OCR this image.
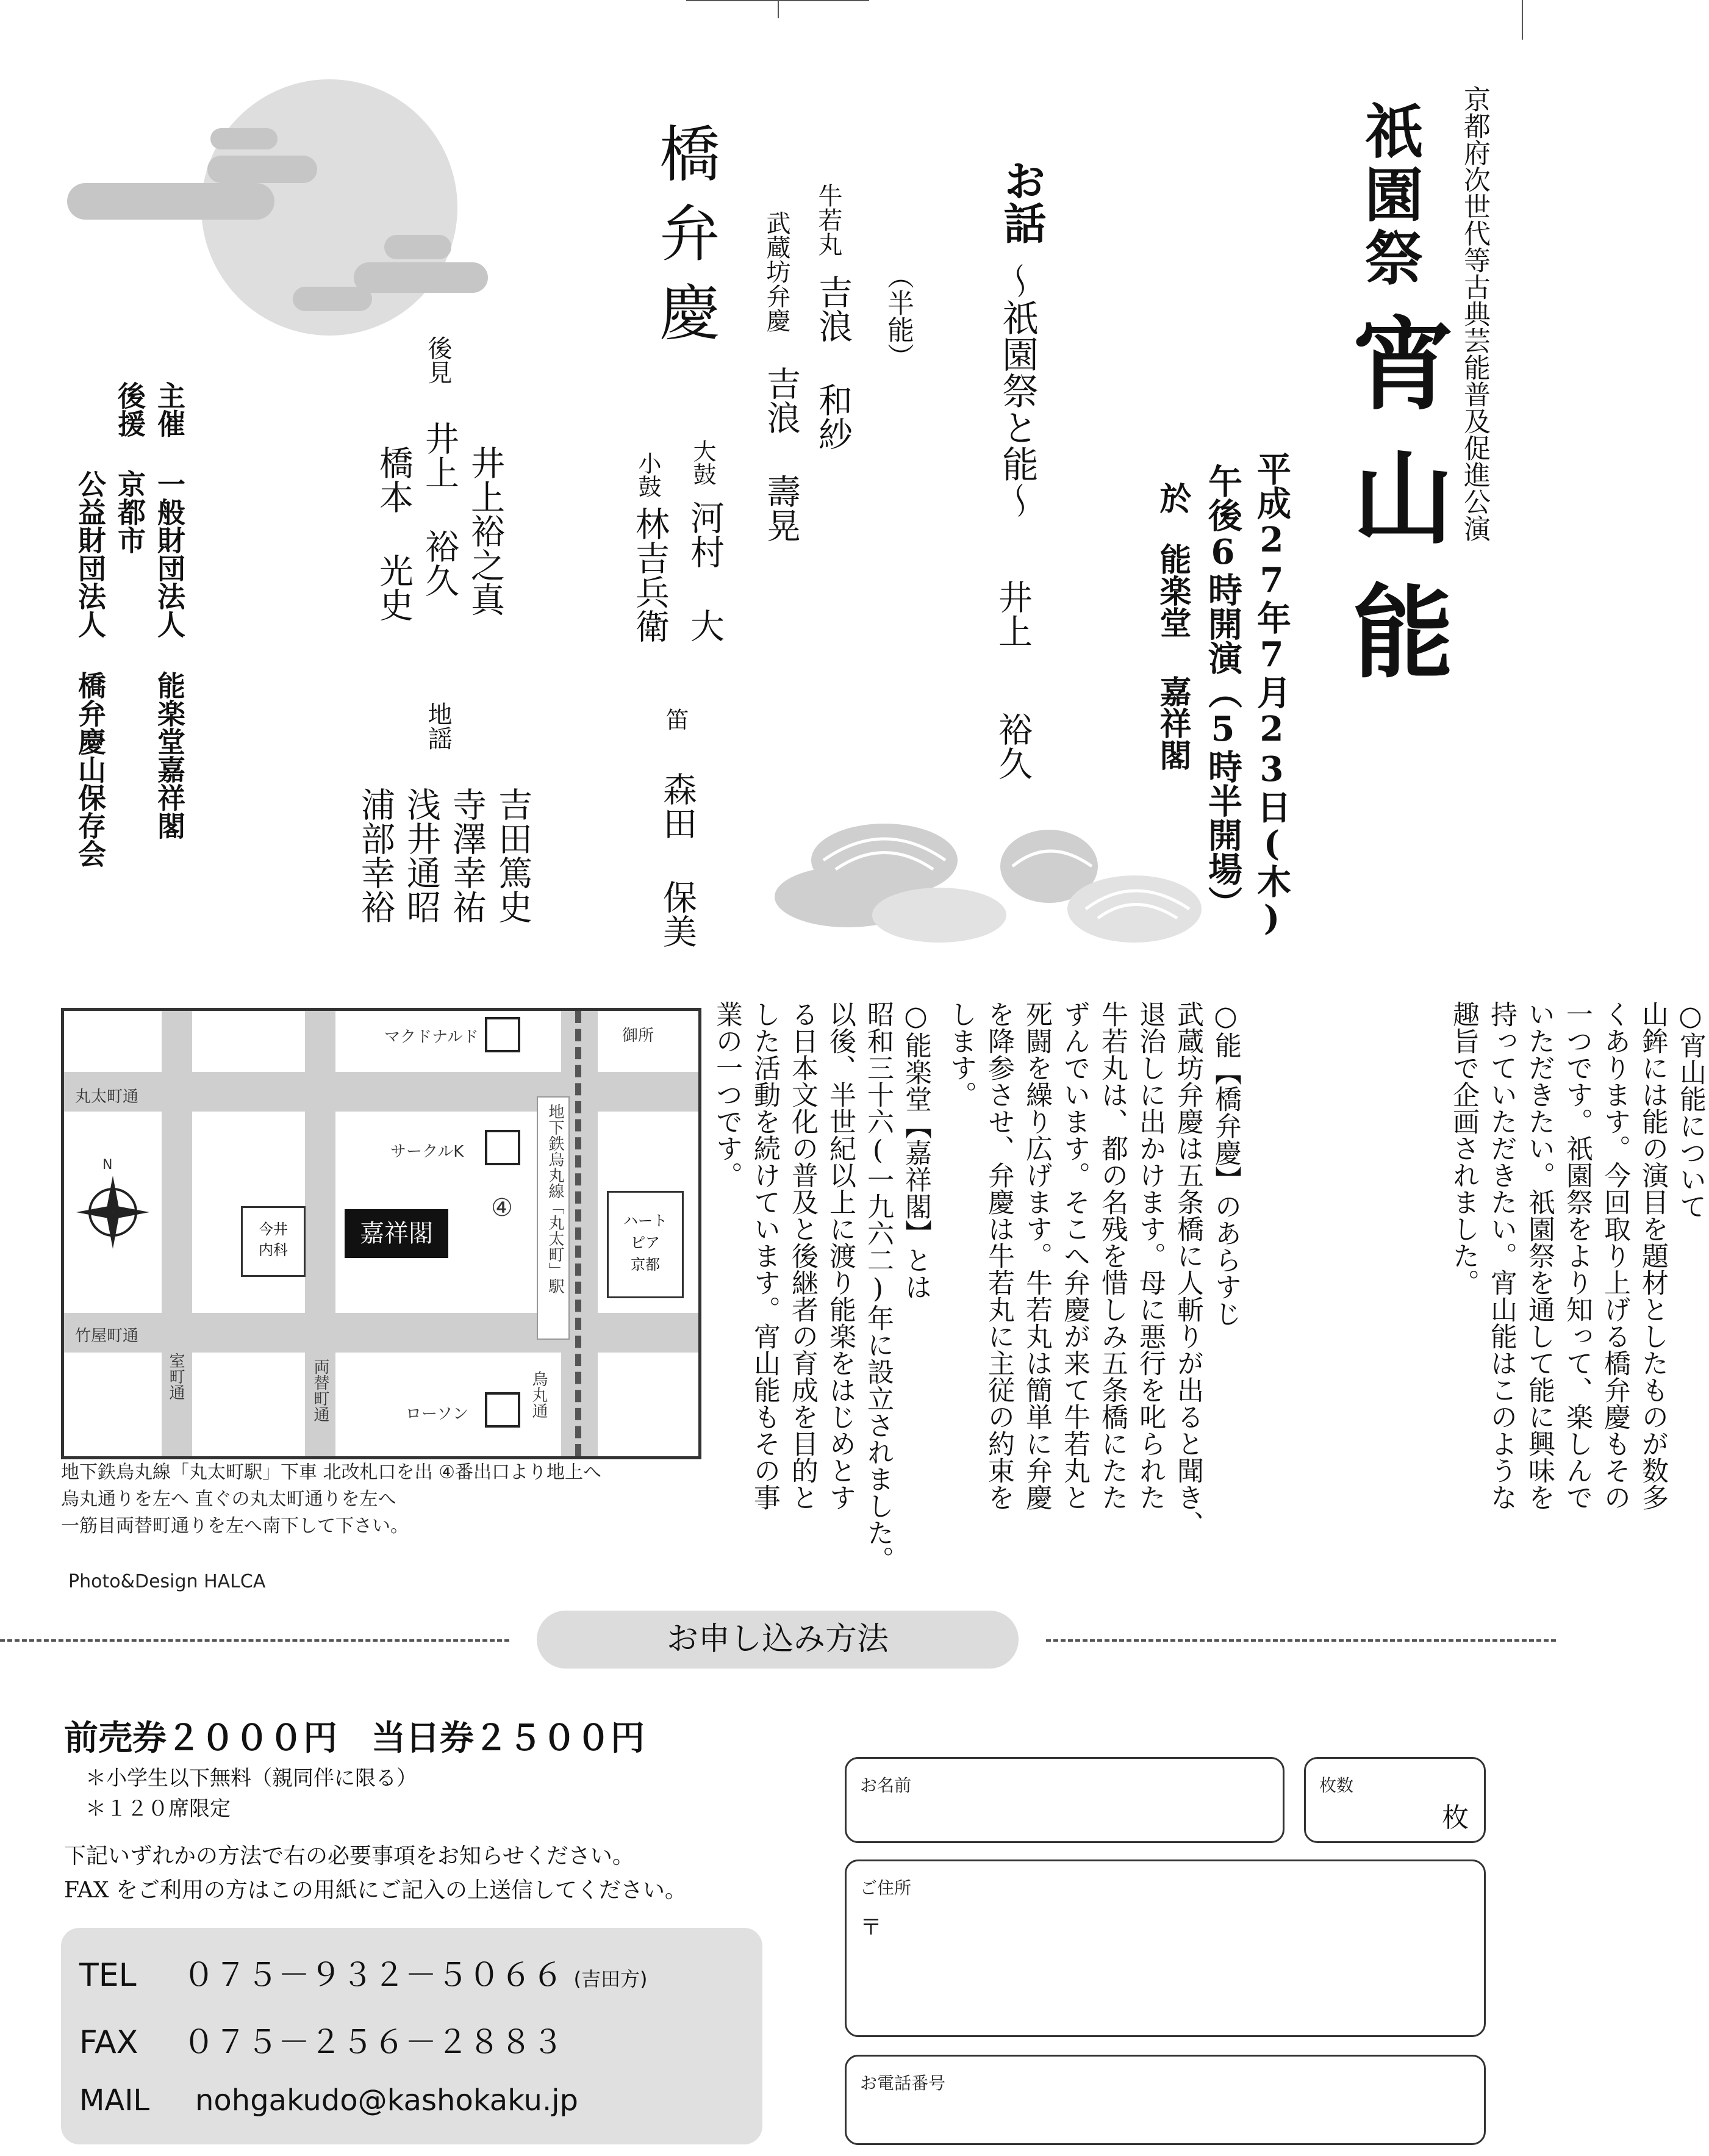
京都府次世代等古典芸能普及促進公演
祇園祭
宵山能
平成27年7月23日(木)
午後6時開演（5時半開場）
於
能楽堂 嘉祥閣
お話
～祇園祭と能～
井上 裕久
（半能）
牛若丸
吉浪 和紗
武蔵坊弁慶
吉浪 壽晃
橋弁慶
大鼓
河村 大
小鼓
林吉兵衛
笛
森田 保美
後見
井上裕之真
井上 裕久
橋本 光史
地謡
吉田篤史
寺澤幸祐
浅井通昭
浦部幸裕
主催
一般財団法人 能楽堂嘉祥閣
後援
京都市
公益財団法人 橋弁慶山保存会
○宵山能について
山鉾には能の演目を題材としたものが数多
くあります。今回取り上げる橋弁慶もその
一つです。祇園祭をより知って、楽しんで
いただきたい。祇園祭を通して能に興味を
持っていただきたい。宵山能はこのような
趣旨で企画されました。
○能【橋弁慶】のあらすじ
武蔵坊弁慶は五条橋に人斬りが出ると聞き、
退治しに出かけます。母に悪行を叱られた
牛若丸は、都の名残を惜しみ五条橋にたた
ずんでいます。そこへ弁慶が来て牛若丸と
死闘を繰り広げます。牛若丸は簡単に弁慶
を降参させ、弁慶は牛若丸に主従の約束を
します。
○能楽堂【嘉祥閣】とは
昭和三十六(一九六二)年に設立されました。
以後、半世紀以上に渡り能楽をはじめとす
る日本文化の普及と後継者の育成を目的と
した活動を続けています。宵山能もその事
業の一つです。
丸太町通
竹屋町通
室町通	両替町通	烏丸通
地下鉄烏丸線「丸太町」駅
御所
マクドナルド
サークルK
ローソン
今井
内科
嘉祥閣
④	ハート
ピア
京都
N
地下鉄烏丸線「丸太町駅」下車 北改札口を出 ④番出口より地上へ
烏丸通りを左へ 直ぐの丸太町通りを左へ
一筋目両替町通りを左へ南下して下さい。
Photo&Design HALCA
お申し込み方法
前売券２０００円　当日券２５００円
＊小学生以下無料（親同伴に限る）
＊１２０席限定
下記いずれかの方法で右の必要事項をお知らせください。
FAX をご利用の方はこの用紙にご記入の上送信してください。
TEL ０７５－９３２－５０６６ (吉田方)
FAX ０７５－２５６－２８８３
MAIL nohgakudo@kashokaku.jp
お名前	枚数
枚
ご住所
〒
お電話番号
